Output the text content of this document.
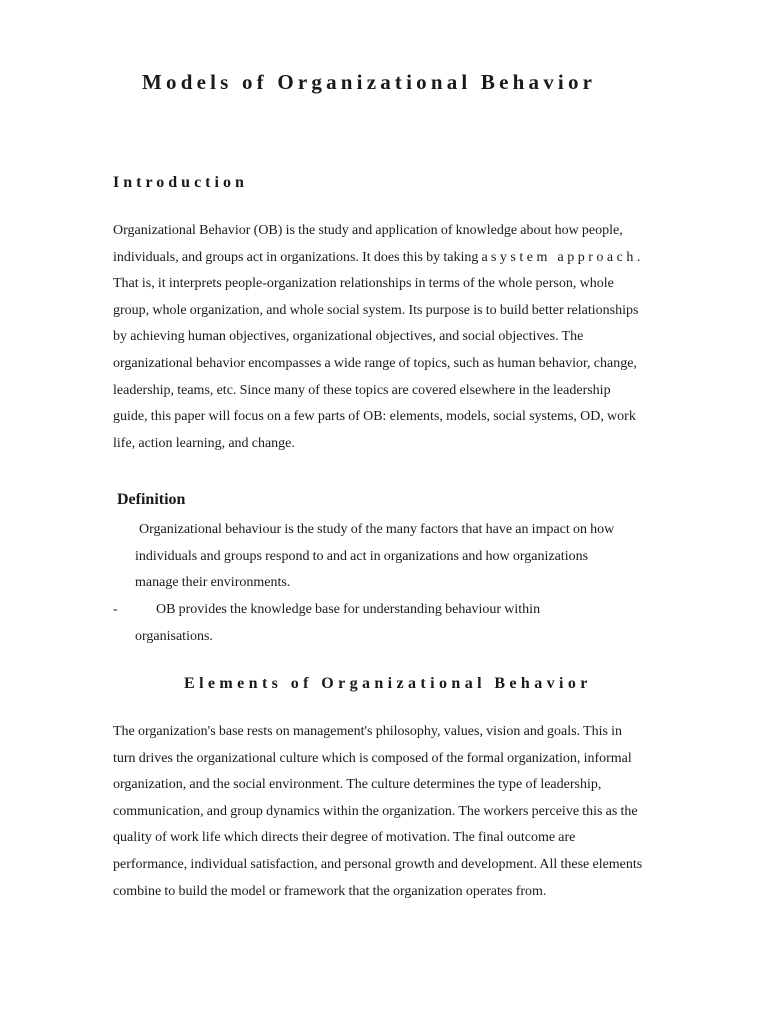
Models of Organizational Behavior
Introduction

Organizational Behavior (OB) is the study and application of knowledge about how people, individuals, and groups act in organizations. It does this by taking a system approach. That is, it interprets people-organization relationships in terms of the whole person, whole group, whole organization, and whole social system. Its purpose is to build better relationships by achieving human objectives, organizational objectives, and social objectives. The organizational behavior encompasses a wide range of topics, such as human behavior, change, leadership, teams, etc. Since many of these topics are covered elsewhere in the leadership guide, this paper will focus on a few parts of OB: elements, models, social systems, OD, work life, action learning, and change.

Definition

Organizational behaviour is the study of the many factors that have an impact on how

individuals and groups respond to and act in organizations and how organizations

manage their environments.

-	OB provides the knowledge base for understanding behaviour within

organisations.

Elements of Organizational Behavior

The organization's base rests on management's philosophy, values, vision and goals. This in turn drives the organizational culture which is composed of the formal organization, informal organization, and the social environment. The culture determines the type of leadership, communication, and group dynamics within the organization. The workers perceive this as the quality of work life which directs their degree of motivation. The final outcome are performance, individual satisfaction, and personal growth and development. All these elements combine to build the model or framework that the organization operates from.
